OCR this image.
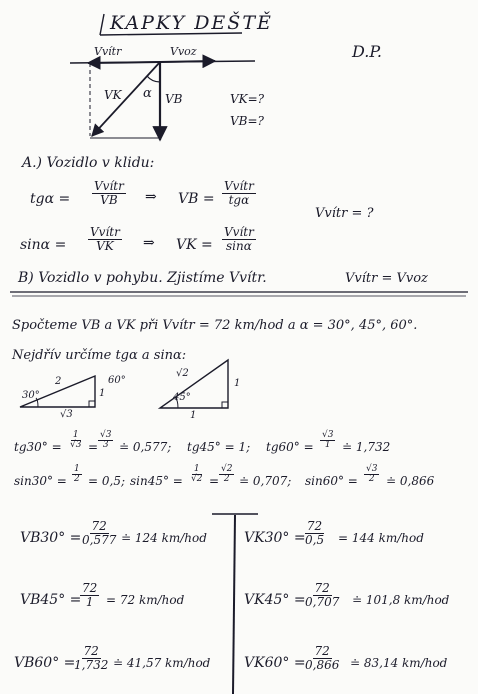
KAPKY DEŠTĚ
D.P.
Vvítr	Vvoz
VK α VB	VK=?
VB=?
A.) Vozidlo v klidu:
tgα =
Vvítr
VB ⇒ VB =
Vvítr
tgα
Vvítr = ?
sinα =
Vvítr
VK ⇒ VK =
Vvítr
sinα
B) Vozidlo v pohybu. Zjistíme Vvítr.	Vvítr = Vvoz
Spočteme VB a VK při Vvítr = 72 km/hod a α = 30°, 45°, 60°.
Nejdřív určíme tgα a sinα:
30°
2	60°
1
√3
√2
45°
1
1
$tg30^\circ = \frac{1}{√3} = \frac{√3}{3}$ ≐ 0,577; tg45° = 1; $tg60^\circ = \frac{√3}{1}$ ≐ 1,732
$\sin 30^\circ = \frac{1}{2} = 0,5$; $\sin 45^\circ = \frac{1}{√2} = \frac{√2}{2}$ ≐ 0,707; $\sin 60^\circ = \frac{√3}{2}$ ≐ 0,866
VB30° =
$\frac{72}{0,577}$ ≐ 124 km/hod
VB45° =
$\frac{72}{1} = 72$ km/hod
VB60° =
$\frac{72}{1,732}$ ≐ 41,57 km/hod
VK30° =
$\frac{72}{0,5} = 144$ km/hod
VK45° =
$\frac{72}{0,707}$ ≐ 101,8 km/hod
VK60° =
$\frac{72}{0,866}$ ≐ 83,14 km/hod
